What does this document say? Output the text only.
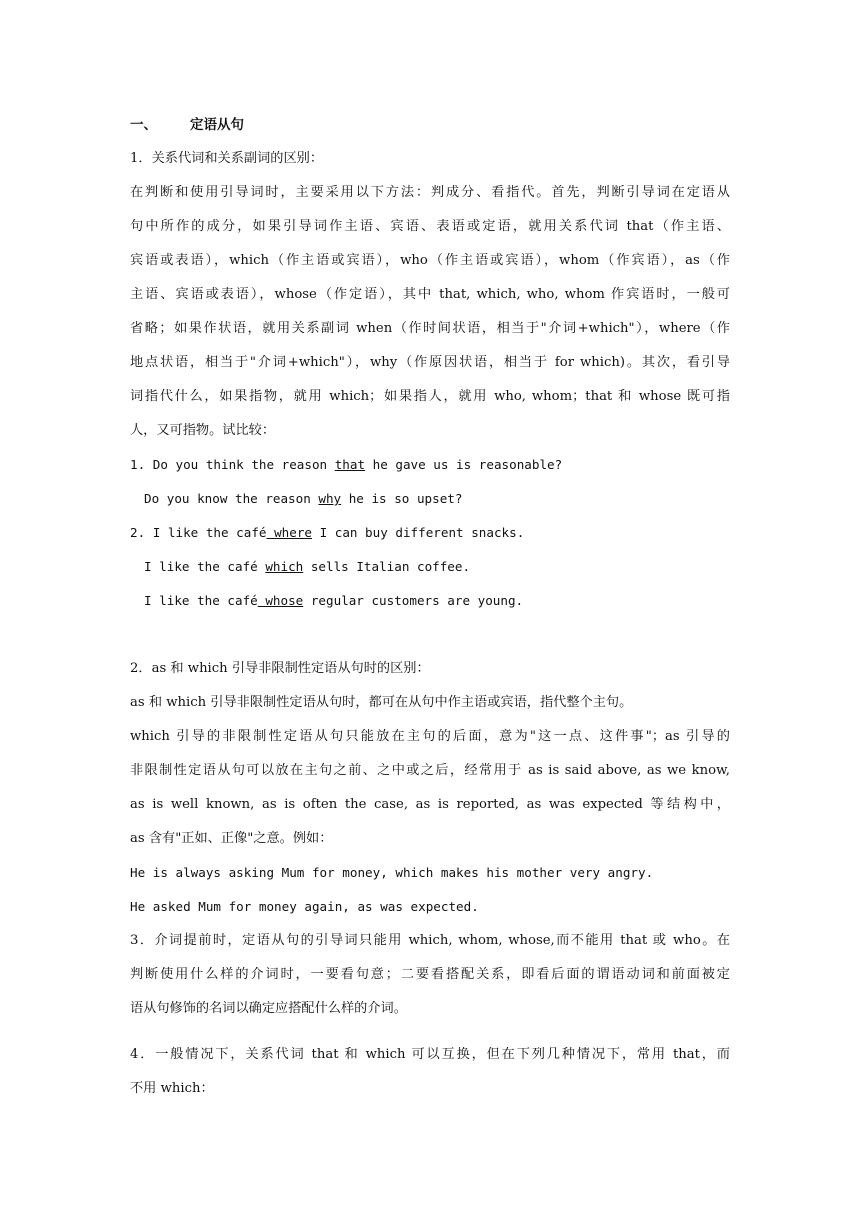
一、 定语从句
1．关系代词和关系副词的区别：
在判断和使用引导词时，主要采用以下方法：判成分、看指代。首先，判断引导词在定语从
句中所作的成分，如果引导词作主语、宾语、表语或定语，就用关系代词 that（作主语、
宾语或表语），which（作主语或宾语），who（作主语或宾语），whom（作宾语），as（作
主语、宾语或表语），whose（作定语），其中 that, which, who, whom 作宾语时，一般可
省略；如果作状语，就用关系副词 when（作时间状语，相当于"介词+which"），where（作
地点状语，相当于"介词+which"），why（作原因状语，相当于 for which)。其次，看引导
词指代什么，如果指物，就用 which；如果指人，就用 who, whom；that 和 whose 既可指
人，又可指物。试比较：
1. Do you think the reason that he gave us is reasonable?
Do you know the reason why he is so upset?
2. I like the café where I can buy different snacks.
I like the café which sells Italian coffee.
I like the café whose regular customers are young.
2．as 和 which 引导非限制性定语从句时的区别：
as 和 which 引导非限制性定语从句时，都可在从句中作主语或宾语，指代整个主句。
which 引导的非限制性定语从句只能放在主句的后面，意为"这一点、这件事"；as 引导的
非限制性定语从句可以放在主句之前、之中或之后，经常用于 as is said above, as we know,
as is well known, as is often the case, as is reported, as was expected 等结构中，
as 含有"正如、正像"之意。例如：
He is always asking Mum for money, which makes his mother very angry.
He asked Mum for money again, as was expected.
3．介词提前时，定语从句的引导词只能用 which, whom, whose,而不能用 that 或 who。在
判断使用什么样的介词时，一要看句意；二要看搭配关系，即看后面的谓语动词和前面被定
语从句修饰的名词以确定应搭配什么样的介词。
4．一般情况下，关系代词 that 和 which 可以互换，但在下列几种情况下，常用 that，而
不用 which：
